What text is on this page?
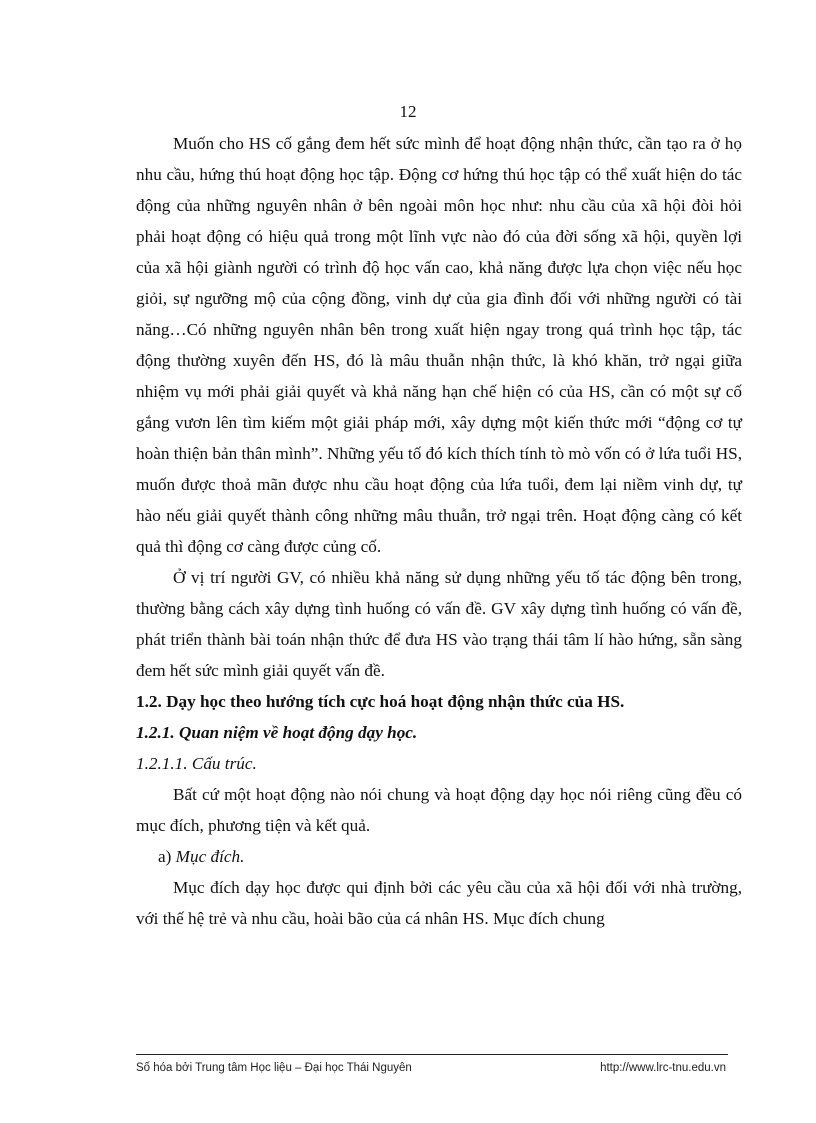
12

Muốn cho HS cố gắng đem hết sức mình để hoạt động nhận thức, cần tạo ra ở họ nhu cầu, hứng thú hoạt động học tập. Động cơ hứng thú học tập có thể xuất hiện do tác động của những nguyên nhân ở bên ngoài môn học như: nhu cầu của xã hội đòi hỏi phải hoạt động có hiệu quả trong một lĩnh vực nào đó của đời sống xã hội, quyền lợi của xã hội giành người có trình độ học vấn cao, khả năng được lựa chọn việc nếu học giỏi, sự ngưỡng mộ của cộng đồng, vinh dự của gia đình đối với những người có tài năng…Có những nguyên nhân bên trong xuất hiện ngay trong quá trình học tập, tác động thường xuyên đến HS, đó là mâu thuẫn nhận thức, là khó khăn, trở ngại giữa nhiệm vụ mới phải giải quyết và khả năng hạn chế hiện có của HS, cần có một sự cố gắng vươn lên tìm kiếm một giải pháp mới, xây dựng một kiến thức mới “động cơ tự hoàn thiện bản thân mình”. Những yếu tố đó kích thích tính tò mò vốn có ở lứa tuổi HS, muốn được thoả mãn được nhu cầu hoạt động của lứa tuổi, đem lại niềm vinh dự, tự hào nếu giải quyết thành công những mâu thuẫn, trở ngại trên. Hoạt động càng có kết quả thì động cơ càng được củng cố.

Ở vị trí người GV, có nhiều khả năng sử dụng những yếu tố tác động bên trong, thường bằng cách xây dựng tình huống có vấn đề. GV xây dựng tình huống có vấn đề, phát triển thành bài toán nhận thức để đưa HS vào trạng thái tâm lí hào hứng, sẵn sàng đem hết sức mình giải quyết vấn đề.

1.2. Dạy học theo hướng tích cực hoá hoạt động nhận thức của HS.

1.2.1. Quan niệm về hoạt động dạy học.

1.2.1.1. Cấu trúc.

Bất cứ một hoạt động nào nói chung và hoạt động dạy học nói riêng cũng đều có mục đích, phương tiện và kết quả.

a) Mục đích.

Mục đích dạy học được qui định bởi các yêu cầu của xã hội đối với nhà trường, với thế hệ trẻ và nhu cầu, hoài bão của cá nhân HS. Mục đích chung

Số hóa bởi Trung tâm Học liệu – Đại học Thái Nguyên	http://www.lrc-tnu.edu.vn
